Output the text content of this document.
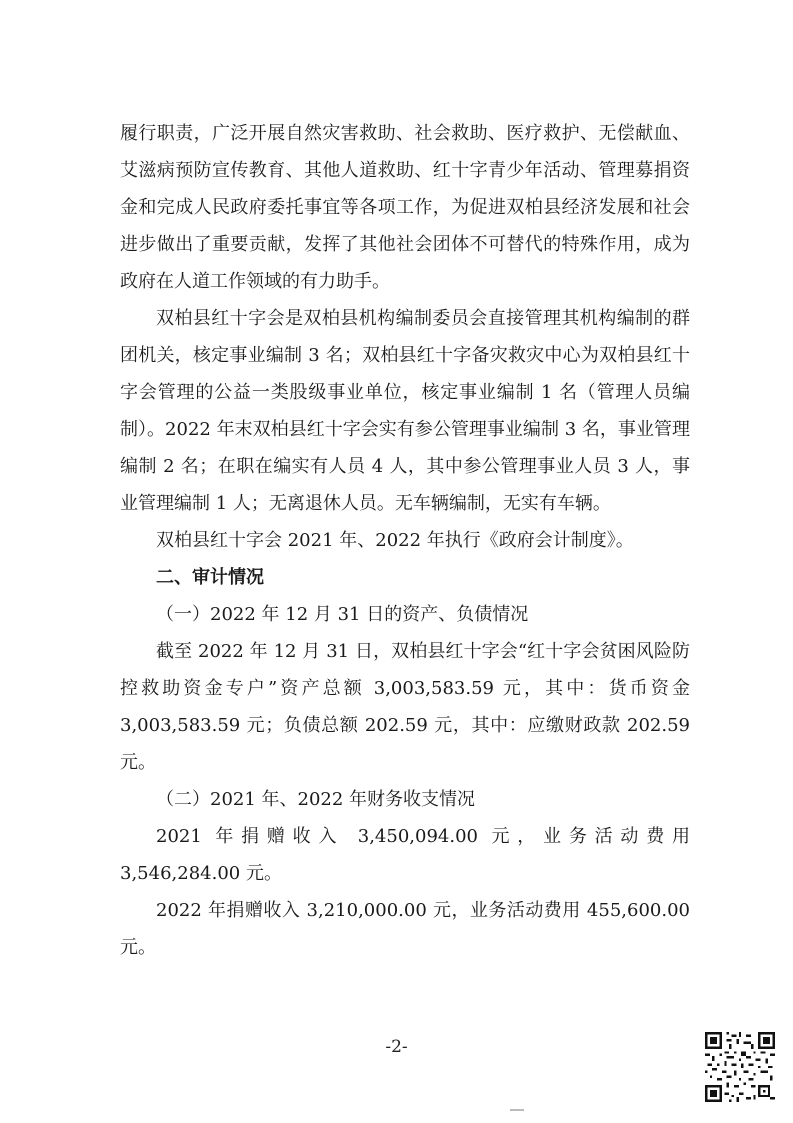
履行职责，广泛开展自然灾害救助、社会救助、医疗救护、无偿献血、艾滋病预防宣传教育、其他人道救助、红十字青少年活动、管理募捐资金和完成人民政府委托事宜等各项工作，为促进双柏县经济发展和社会进步做出了重要贡献，发挥了其他社会团体不可替代的特殊作用，成为政府在人道工作领域的有力助手。

双柏县红十字会是双柏县机构编制委员会直接管理其机构编制的群团机关，核定事业编制 3 名；双柏县红十字备灾救灾中心为双柏县红十字会管理的公益一类股级事业单位，核定事业编制 1 名（管理人员编制）。2022 年末双柏县红十字会实有参公管理事业编制 3 名，事业管理编制 2 名；在职在编实有人员 4 人，其中参公管理事业人员 3 人，事业管理编制 1 人；无离退休人员。无车辆编制，无实有车辆。

双柏县红十字会 2021 年、2022 年执行《政府会计制度》。

二、审计情况

（一）2022 年 12 月 31 日的资产、负债情况

截至 2022 年 12 月 31 日，双柏县红十字会“红十字会贫困风险防控救助资金专户”资产总额 3,003,583.59 元，其中：货币资金 3,003,583.59 元；负债总额 202.59 元，其中：应缴财政款 202.59 元。

（二）2021 年、2022 年财务收支情况

2021 年捐赠收入 3,450,094.00 元，业务活动费用 3,546,284.00 元。

2022 年捐赠收入 3,210,000.00 元，业务活动费用 455,600.00 元。

-2-
